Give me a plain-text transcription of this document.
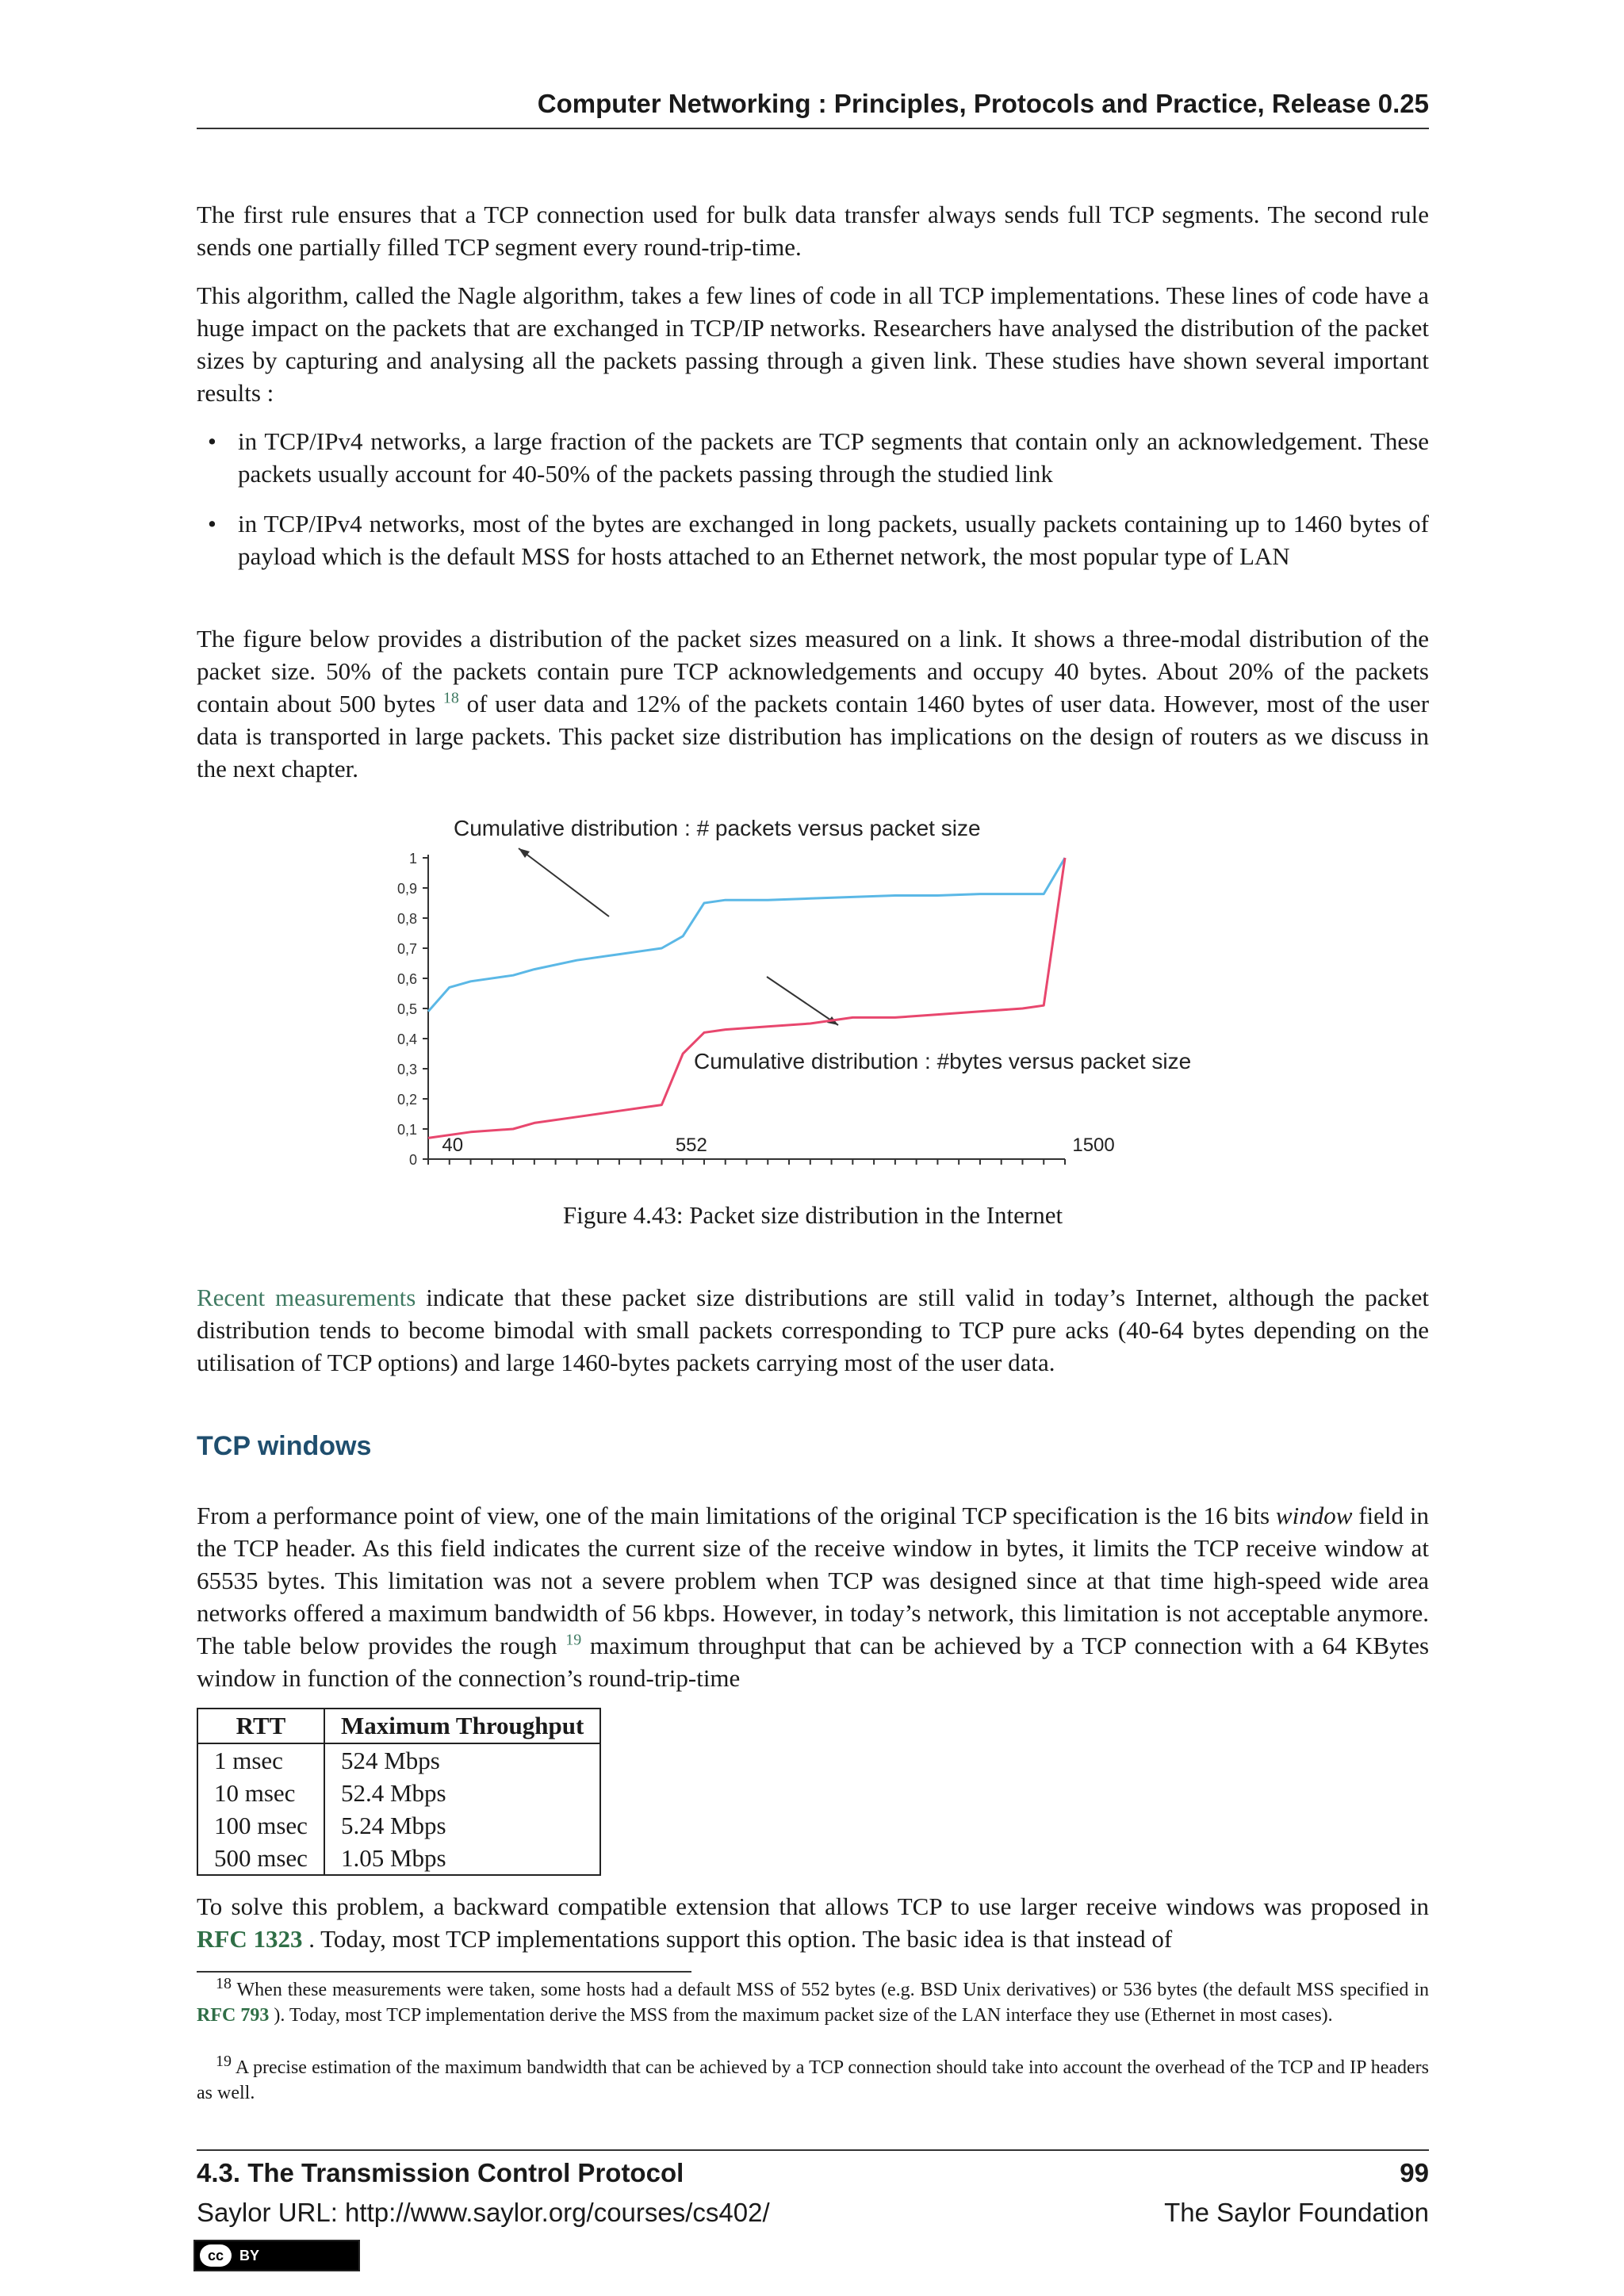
Computer Networking : Principles, Protocols and Practice, Release 0.25
The first rule ensures that a TCP connection used for bulk data transfer always sends full TCP segments. The second rule sends one partially filled TCP segment every round-trip-time.
This algorithm, called the Nagle algorithm, takes a few lines of code in all TCP implementations. These lines of code have a huge impact on the packets that are exchanged in TCP/IP networks. Researchers have analysed the distribution of the packet sizes by capturing and analysing all the packets passing through a given link. These studies have shown several important results :
• in TCP/IPv4 networks, a large fraction of the packets are TCP segments that contain only an acknowledgement. These packets usually account for 40-50% of the packets passing through the studied link
• in TCP/IPv4 networks, most of the bytes are exchanged in long packets, usually packets containing up to 1460 bytes of payload which is the default MSS for hosts attached to an Ethernet network, the most popular type of LAN
The figure below provides a distribution of the packet sizes measured on a link. It shows a three-modal distribution of the packet size. 50% of the packets contain pure TCP acknowledgements and occupy 40 bytes. About 20% of the packets contain about 500 bytes $^{18}$ of user data and 12% of the packets contain 1460 bytes of user data. However, most of the user data is transported in large packets. This packet size distribution has implications on the design of routers as we discuss in the next chapter.
Cumulative distribution : # packets versus packet size
Cumulative distribution : #bytes versus packet size
0
0,1
0,2
0,3
0,4
0,5
0,6
0,7
0,8
0,9
1
40	552	1500
Figure 4.43: Packet size distribution in the Internet
Recent measurements indicate that these packet size distributions are still valid in today’s Internet, although the packet distribution tends to become bimodal with small packets corresponding to TCP pure acks (40-64 bytes depending on the utilisation of TCP options) and large 1460-bytes packets carrying most of the user data.
TCP windows
From a performance point of view, one of the main limitations of the original TCP specification is the 16 bits window field in the TCP header. As this field indicates the current size of the receive window in bytes, it limits the TCP receive window at 65535 bytes. This limitation was not a severe problem when TCP was designed since at that time high-speed wide area networks offered a maximum bandwidth of 56 kbps. However, in today’s network, this limitation is not acceptable anymore. The table below provides the rough $^{19}$ maximum throughput that can be achieved by a TCP connection with a 64 KBytes window in function of the connection’s round-trip-time
RTT	Maximum Throughput
1 msec	524 Mbps
10 msec	52.4 Mbps
100 msec	5.24 Mbps
500 msec	1.05 Mbps
To solve this problem, a backward compatible extension that allows TCP to use larger receive windows was proposed in RFC 1323 . Today, most TCP implementations support this option. The basic idea is that instead of
$^{18}$ When these measurements were taken, some hosts had a default MSS of 552 bytes (e.g. BSD Unix derivatives) or 536 bytes (the default MSS specified in RFC 793 ). Today, most TCP implementation derive the MSS from the maximum packet size of the LAN interface they use (Ethernet in most cases).
$^{19}$ A precise estimation of the maximum bandwidth that can be achieved by a TCP connection should take into account the overhead of the TCP and IP headers as well.
4.3. The Transmission Control Protocol	99
Saylor URL: http://www.saylor.org/courses/cs402/	The Saylor Foundation
cc	BY
